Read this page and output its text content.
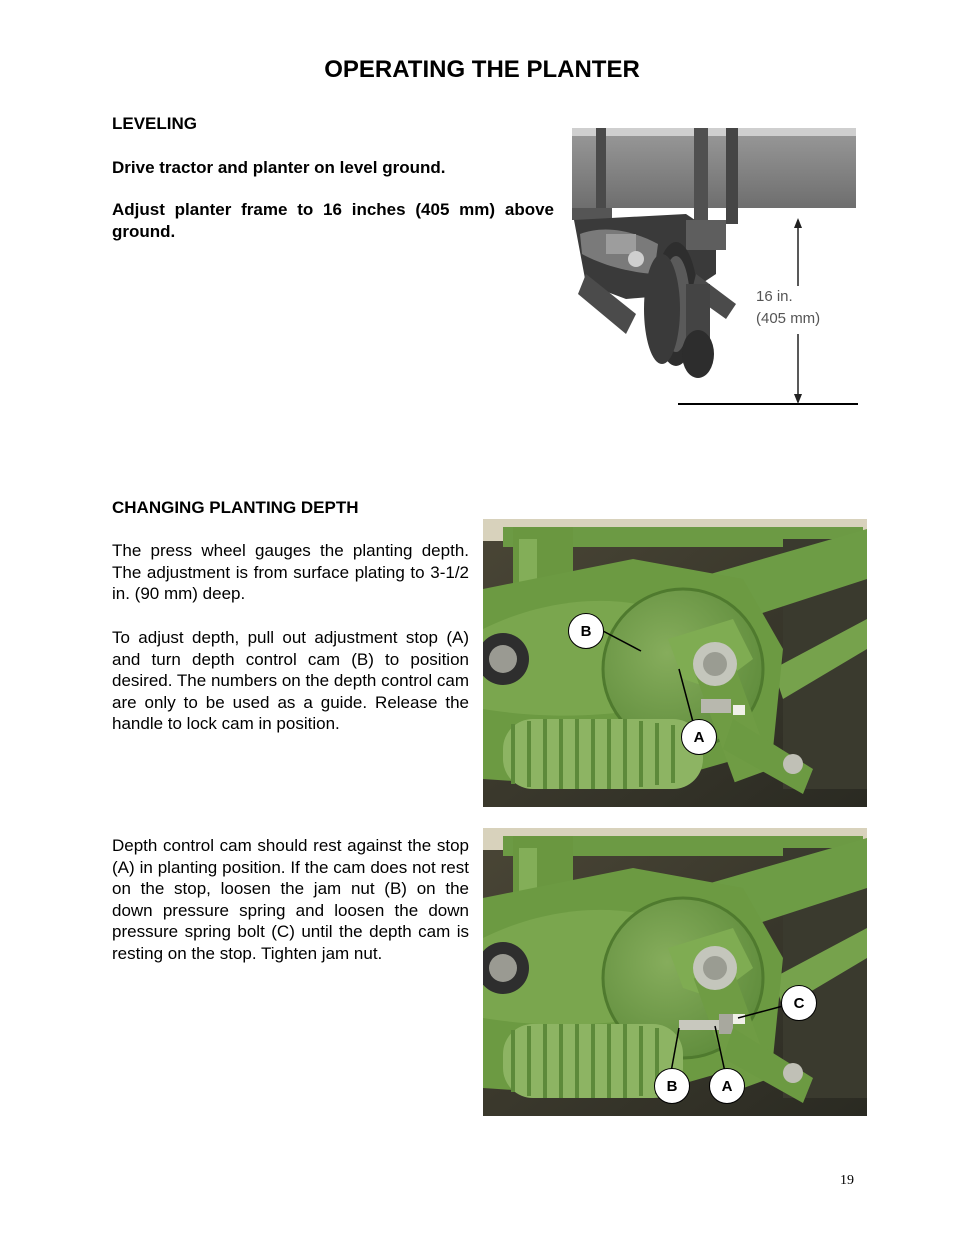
OPERATING THE PLANTER
LEVELING
Drive tractor and planter on level ground.
Adjust planter frame to 16 inches (405 mm) above ground.
16 in.
(405 mm)
CHANGING PLANTING DEPTH
The press wheel gauges the planting depth. The adjustment is from surface plating to 3-1/2 in. (90 mm) deep.
To adjust depth, pull out adjustment stop (A) and turn depth control cam (B) to position desired. The numbers on the depth control cam are only to be used as a guide. Release the handle to lock cam in position.
Depth control cam should rest against the stop (A) in planting position. If the cam does not rest on the stop, loosen the jam nut (B) on the down pressure spring and loosen the down pressure spring bolt (C) until the depth cam is resting on the stop. Tighten jam nut.
B
A
C
B	A
19
